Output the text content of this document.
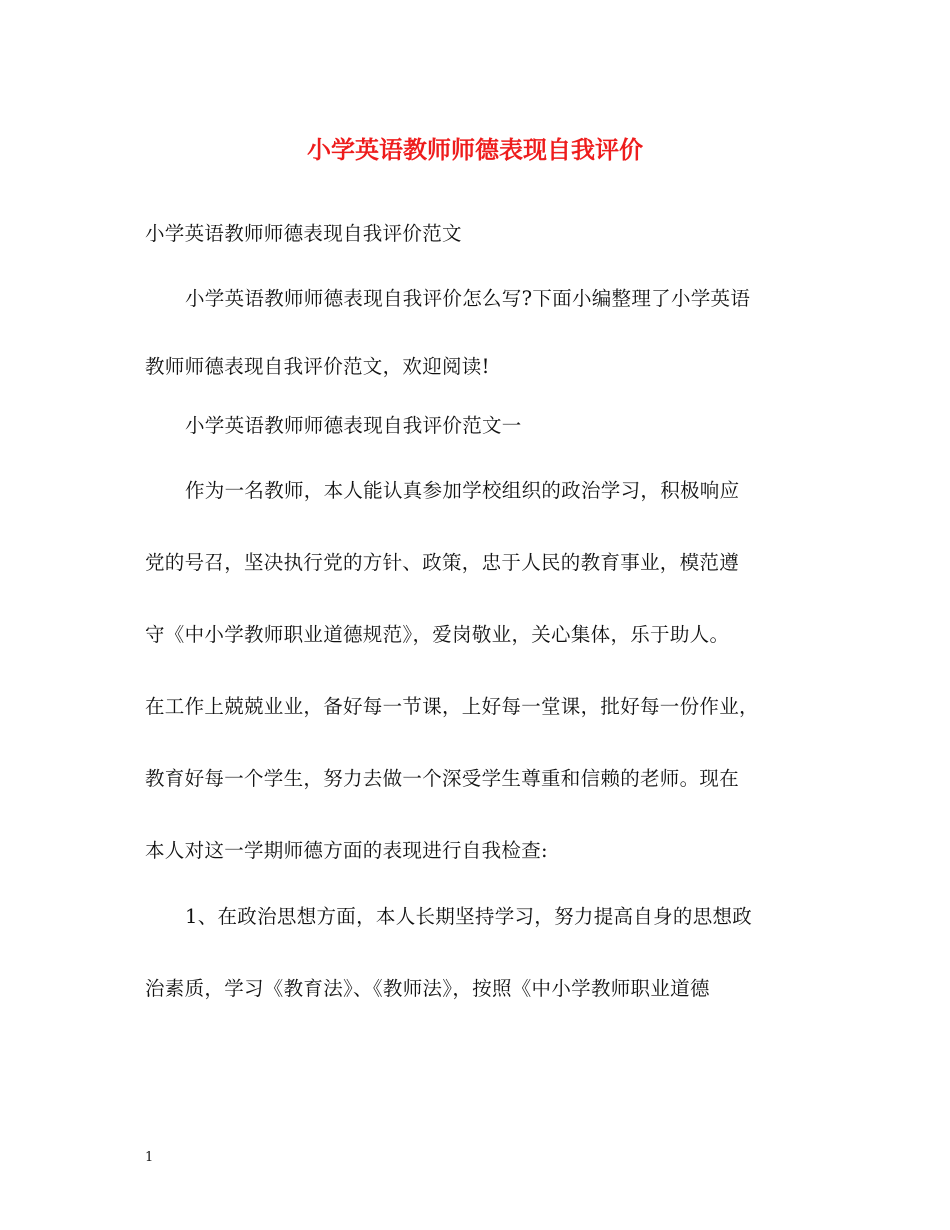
小学英语教师师德表现自我评价
小学英语教师师德表现自我评价范文
小学英语教师师德表现自我评价怎么写?下面小编整理了小学英语
教师师德表现自我评价范文，欢迎阅读!
小学英语教师师德表现自我评价范文一
作为一名教师，本人能认真参加学校组织的政治学习，积极响应
党的号召，坚决执行党的方针、政策，忠于人民的教育事业，模范遵
守《中小学教师职业道德规范》，爱岗敬业，关心集体，乐于助人。
在工作上兢兢业业，备好每一节课，上好每一堂课，批好每一份作业，
教育好每一个学生，努力去做一个深受学生尊重和信赖的老师。现在
本人对这一学期师德方面的表现进行自我检查:
1、在政治思想方面，本人长期坚持学习，努力提高自身的思想政
治素质，学习《教育法》、《教师法》，按照《中小学教师职业道德
1
